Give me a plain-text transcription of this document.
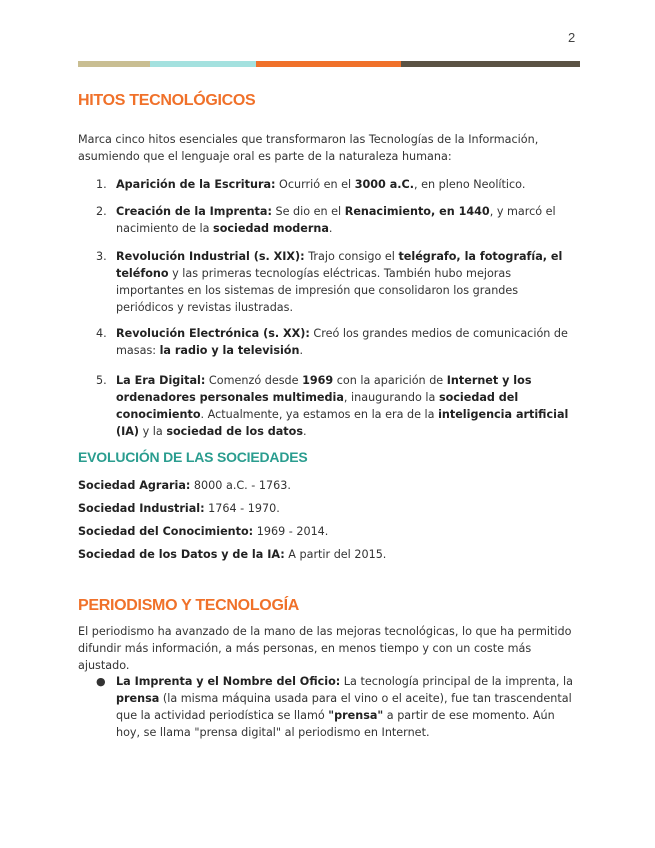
2
HITOS TECNOLÓGICOS

Marca cinco hitos esenciales que transformaron las Tecnologías de la Información, asumiendo que el lenguaje oral es parte de la naturaleza humana:

1. Aparición de la Escritura: Ocurrió en el 3000 a.C., en pleno Neolítico.
2. Creación de la Imprenta: Se dio en el Renacimiento, en 1440, y marcó el nacimiento de la sociedad moderna.
3. Revolución Industrial (s. XIX): Trajo consigo el telégrafo, la fotografía, el teléfono y las primeras tecnologías eléctricas. También hubo mejoras importantes en los sistemas de impresión que consolidaron los grandes periódicos y revistas ilustradas.
4. Revolución Electrónica (s. XX): Creó los grandes medios de comunicación de masas: la radio y la televisión.
5. La Era Digital: Comenzó desde 1969 con la aparición de Internet y los ordenadores personales multimedia, inaugurando la sociedad del conocimiento. Actualmente, ya estamos en la era de la inteligencia artificial (IA) y la sociedad de los datos.
EVOLUCIÓN DE LAS SOCIEDADES
Sociedad Agraria: 8000 a.C. - 1763.
Sociedad Industrial: 1764 - 1970.
Sociedad del Conocimiento: 1969 - 2014.
Sociedad de los Datos y de la IA: A partir del 2015.
PERIODISMO Y TECNOLOGÍA

El periodismo ha avanzado de la mano de las mejoras tecnológicas, lo que ha permitido difundir más información, a más personas, en menos tiempo y con un coste más ajustado.

● La Imprenta y el Nombre del Oficio: La tecnología principal de la imprenta, la prensa (la misma máquina usada para el vino o el aceite), fue tan trascendental que la actividad periodística se llamó "prensa" a partir de ese momento. Aún hoy, se llama "prensa digital" al periodismo en Internet.
